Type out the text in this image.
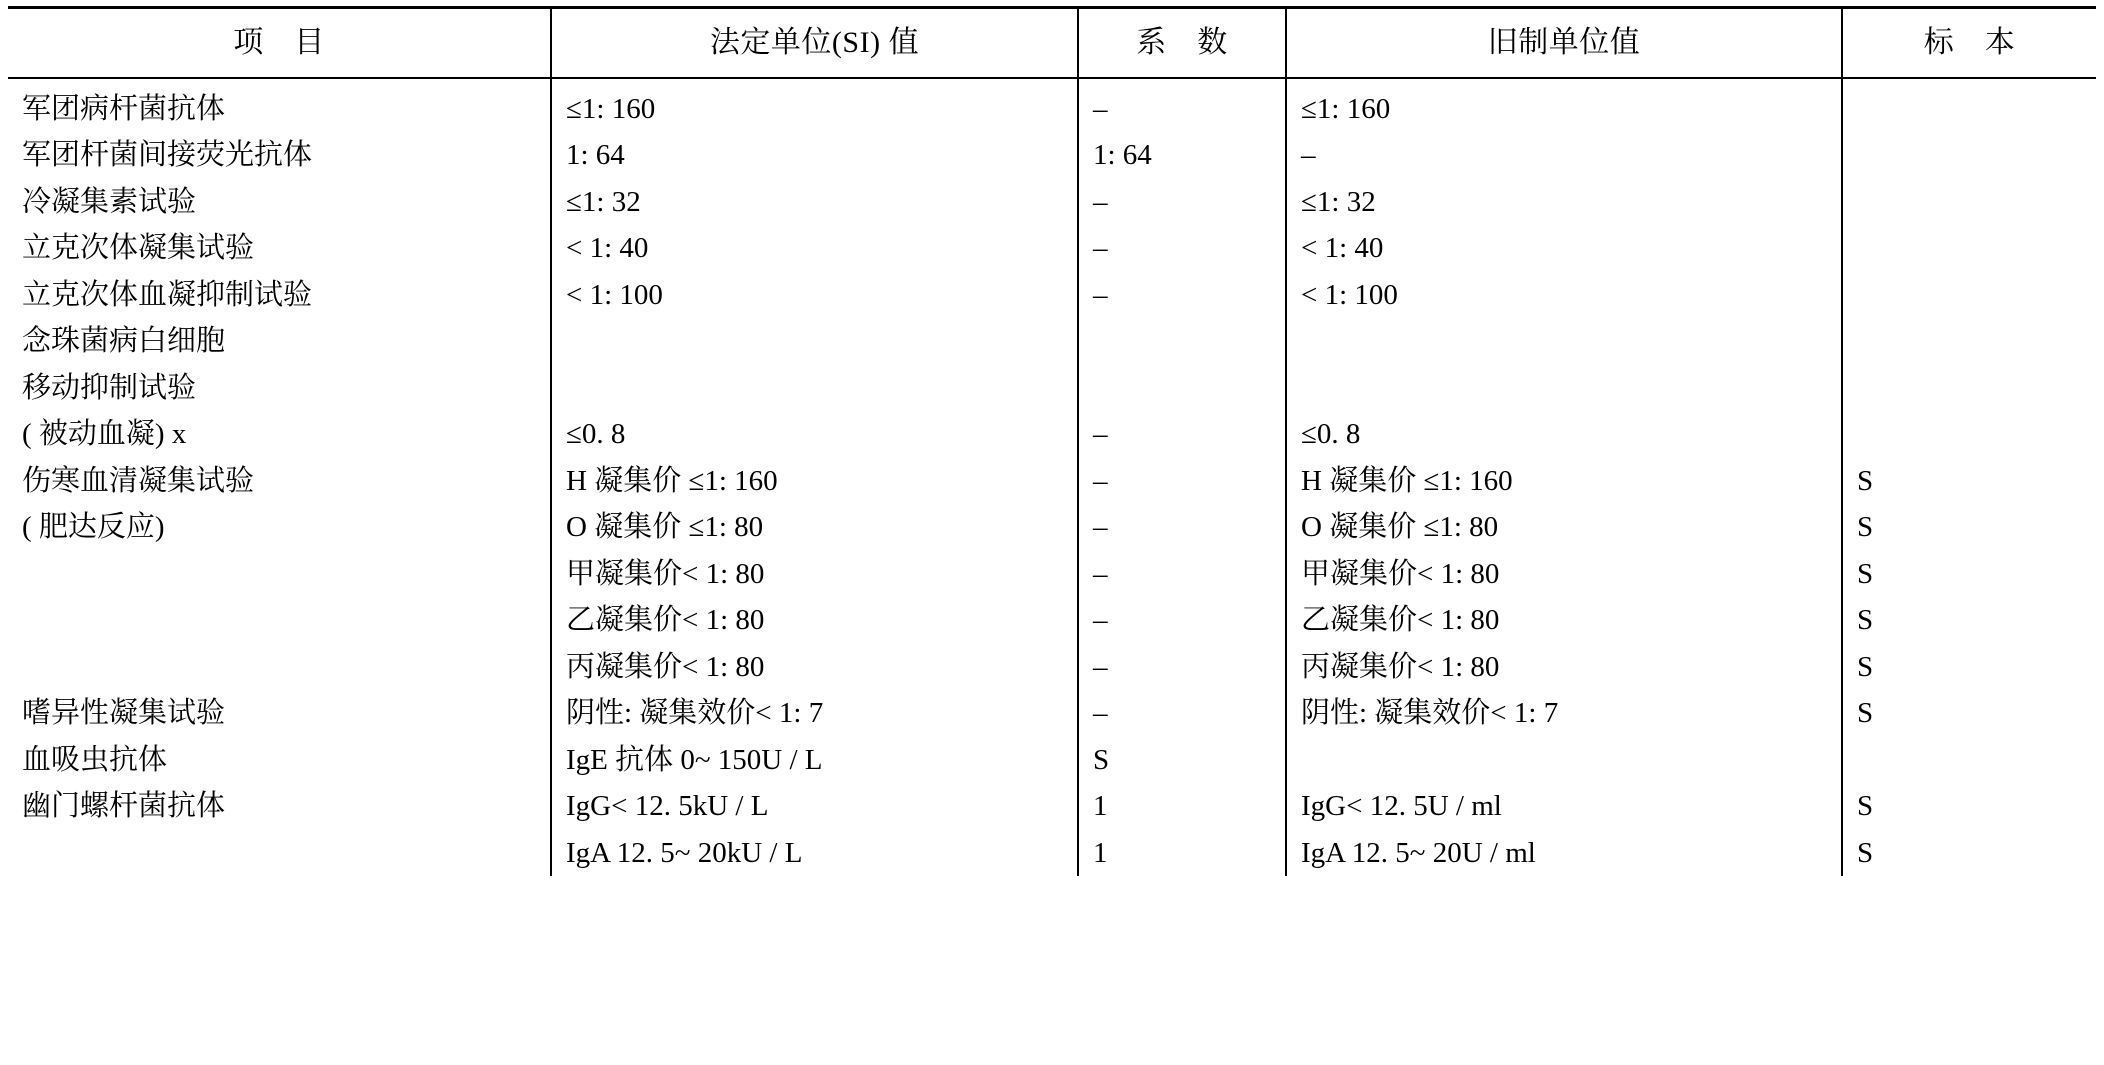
项　目	法定单位(SI) 值	系　数	旧制单位值	标　本
军团病杆菌抗体	≤1: 160	–	≤1: 160	
军团杆菌间接荧光抗体	1: 64	1: 64	–	
冷凝集素试验	≤1: 32	–	≤1: 32	
立克次体凝集试验	< 1: 40	–	< 1: 40	
立克次体血凝抑制试验	< 1: 100	–	< 1: 100	
念珠菌病白细胞				
移动抑制试验				
( 被动血凝) x	≤0. 8	–	≤0. 8	
伤寒血清凝集试验	H 凝集价 ≤1: 160	–	H 凝集价 ≤1: 160	S
( 肥达反应)	O 凝集价 ≤1: 80	–	O 凝集价 ≤1: 80	S
	甲凝集价< 1: 80	–	甲凝集价< 1: 80	S
	乙凝集价< 1: 80	–	乙凝集价< 1: 80	S
	丙凝集价< 1: 80	–	丙凝集价< 1: 80	S
嗜异性凝集试验	阴性: 凝集效价< 1: 7	–	阴性: 凝集效价< 1: 7	S
血吸虫抗体	IgE 抗体 0~ 150U / L	S		
幽门螺杆菌抗体	IgG< 12. 5kU / L	1	IgG< 12. 5U / ml	S
	IgA 12. 5~ 20kU / L	1	IgA 12. 5~ 20U / ml	S
